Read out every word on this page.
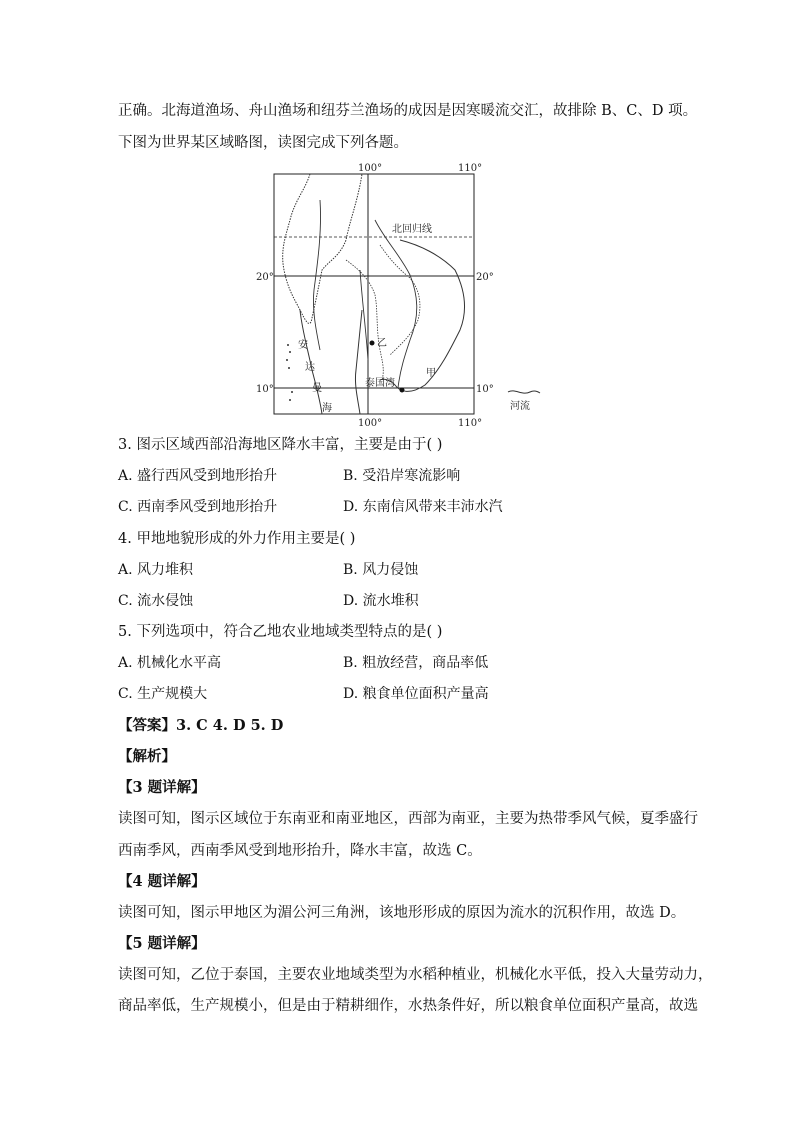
正确。北海道渔场、舟山渔场和纽芬兰渔场的成因是因寒暖流交汇，故排除 B、C、D 项。
下图为世界某区域略图，读图完成下列各题。
100°	110°
100°	110°
20°	20°
10°	10°
北回归线
安
达
曼
海
泰国湾
乙
甲
河流
3. 图示区域西部沿海地区降水丰富，主要是由于( )
A. 盛行西风受到地形抬升	B. 受沿岸寒流影响
C. 西南季风受到地形抬升	D. 东南信风带来丰沛水汽
4. 甲地地貌形成的外力作用主要是( )
A. 风力堆积	B. 风力侵蚀
C. 流水侵蚀	D. 流水堆积
5. 下列选项中，符合乙地农业地域类型特点的是( )
A. 机械化水平高	B. 粗放经营，商品率低
C. 生产规模大	D. 粮食单位面积产量高
【答案】3. C 4. D 5. D
【解析】
【3 题详解】
读图可知，图示区域位于东南亚和南亚地区，西部为南亚，主要为热带季风气候，夏季盛行
西南季风，西南季风受到地形抬升，降水丰富，故选 C。
【4 题详解】
读图可知，图示甲地区为湄公河三角洲，该地形形成的原因为流水的沉积作用，故选 D。
【5 题详解】
读图可知，乙位于泰国，主要农业地域类型为水稻种植业，机械化水平低，投入大量劳动力，
商品率低，生产规模小，但是由于精耕细作，水热条件好，所以粮食单位面积产量高，故选
